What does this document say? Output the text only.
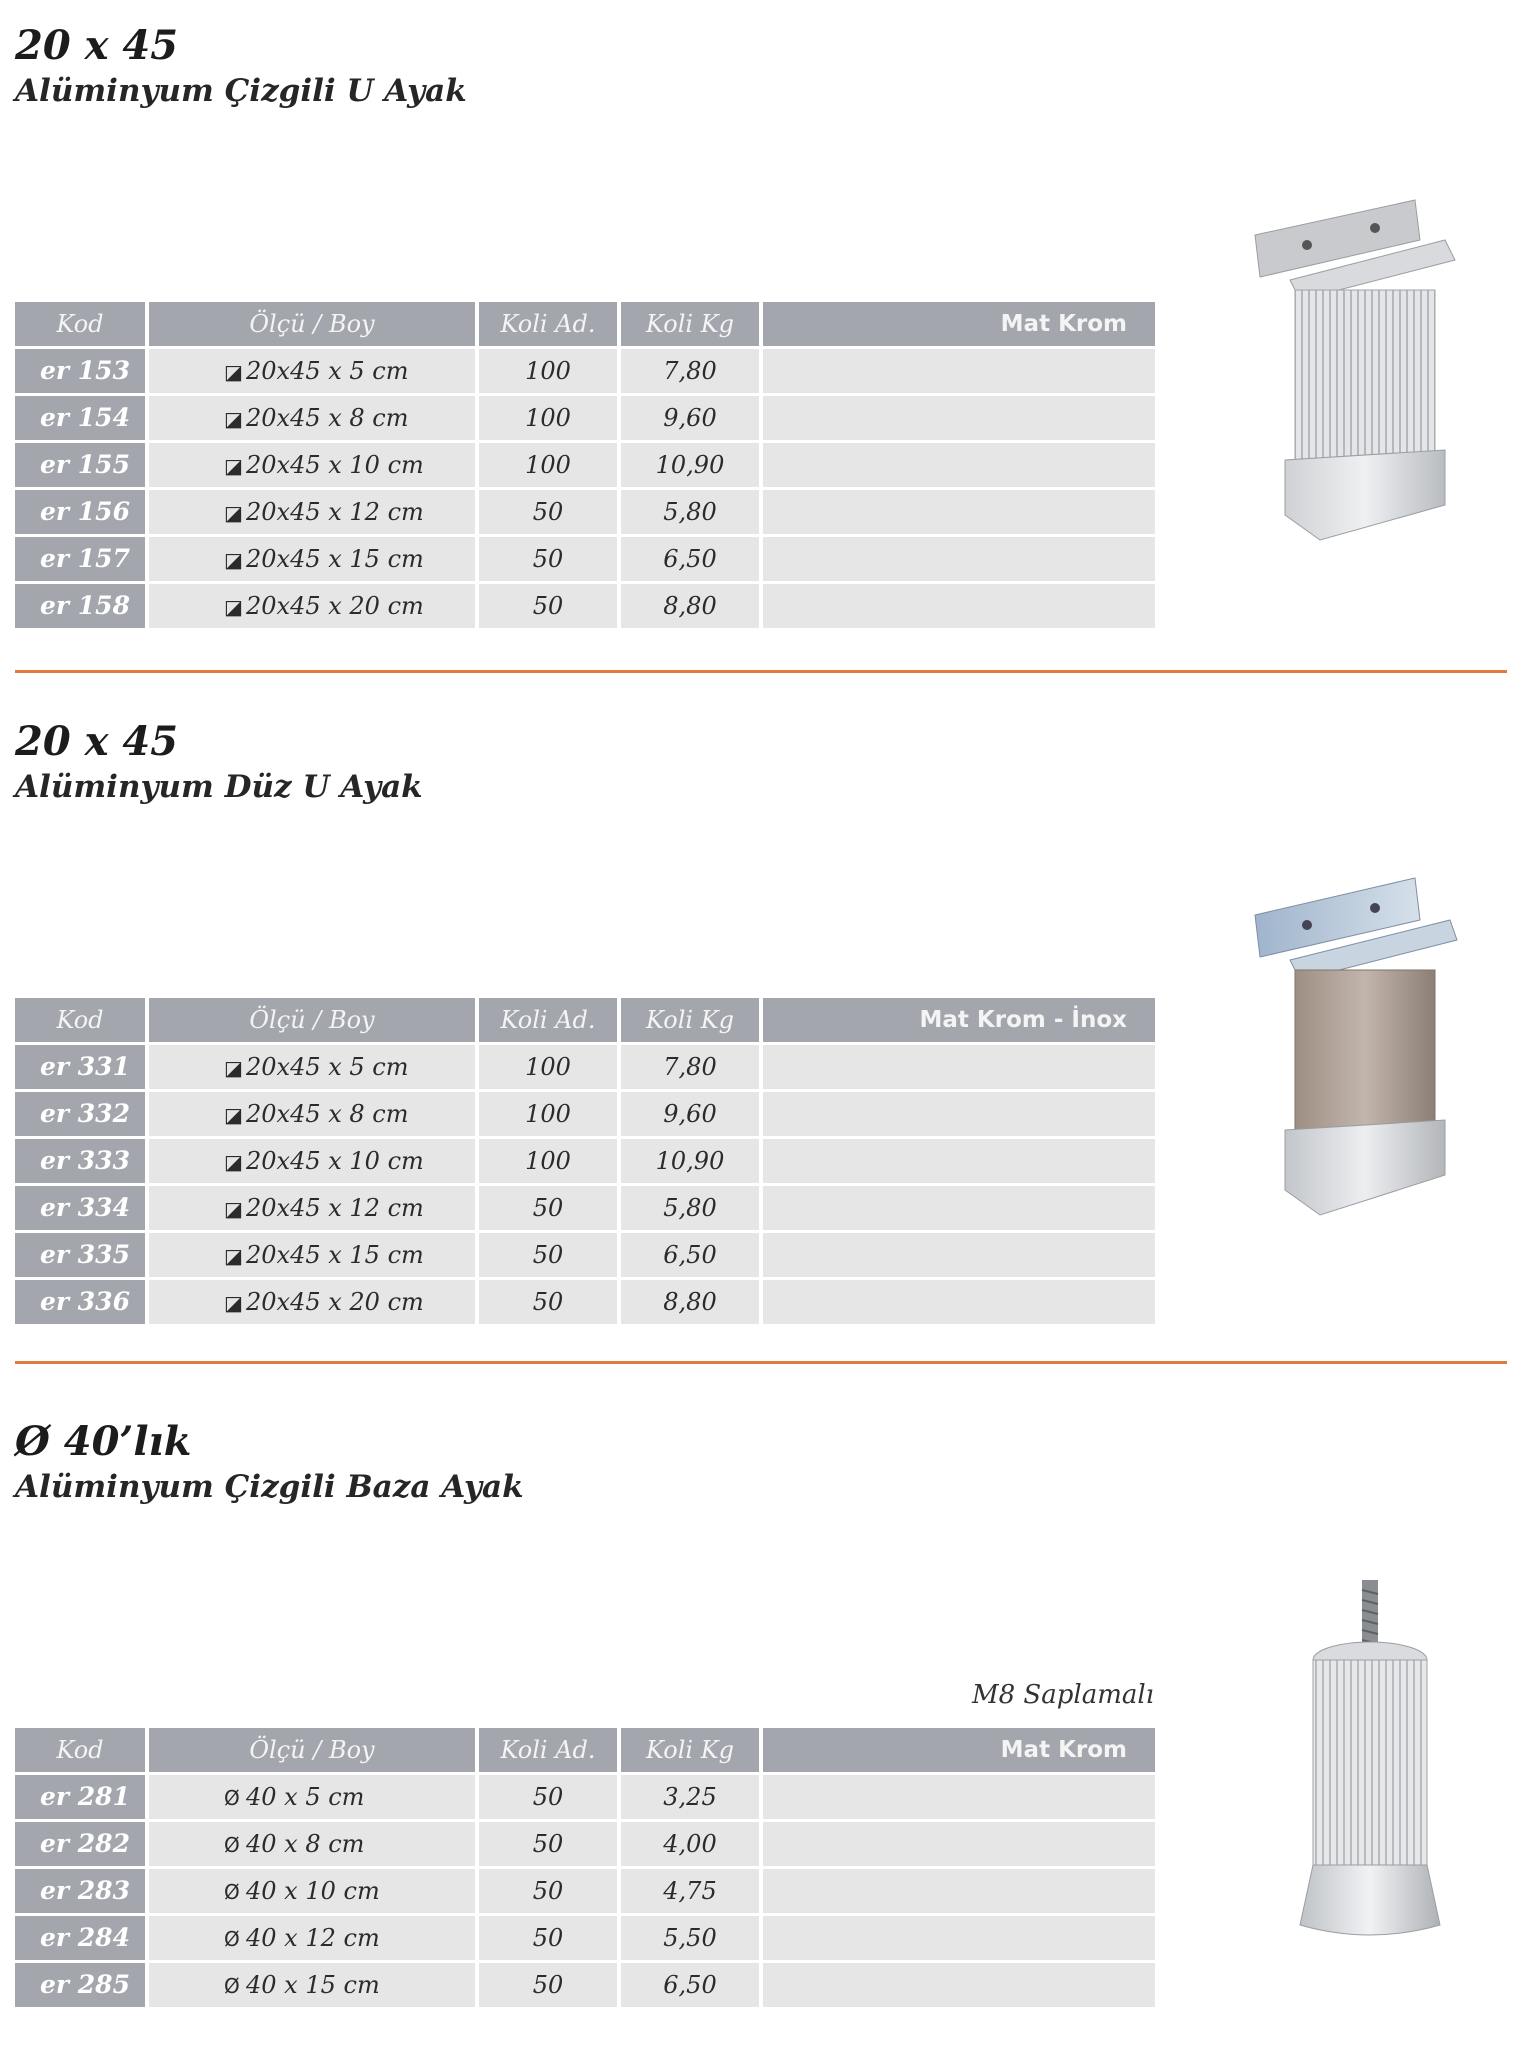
20 x 45
Alüminyum Çizgili U Ayak
Kod	Ölçü / Boy	Koli Ad.	Koli Kg	Mat Krom
er 153	◪ 20x45 x 5 cm	100	7,80
er 154	◪ 20x45 x 8 cm	100	9,60
er 155	◪ 20x45 x 10 cm	100	10,90
er 156	◪ 20x45 x 12 cm	50	5,80
er 157	◪ 20x45 x 15 cm	50	6,50
er 158	◪ 20x45 x 20 cm	50	8,80
20 x 45
Alüminyum Düz U Ayak
Kod	Ölçü / Boy	Koli Ad.	Koli Kg	Mat Krom - İnox
er 331	◪ 20x45 x 5 cm	100	7,80
er 332	◪ 20x45 x 8 cm	100	9,60
er 333	◪ 20x45 x 10 cm	100	10,90
er 334	◪ 20x45 x 12 cm	50	5,80
er 335	◪ 20x45 x 15 cm	50	6,50
er 336	◪ 20x45 x 20 cm	50	8,80
Ø 40’lık
Alüminyum Çizgili Baza Ayak

M8 Saplamalı

Kod	Ölçü / Boy	Koli Ad.	Koli Kg	Mat Krom
er 281	Ø 40 x 5 cm	50	3,25
er 282	Ø 40 x 8 cm	50	4,00
er 283	Ø 40 x 10 cm	50	4,75
er 284	Ø 40 x 12 cm	50	5,50
er 285	Ø 40 x 15 cm	50	6,50
